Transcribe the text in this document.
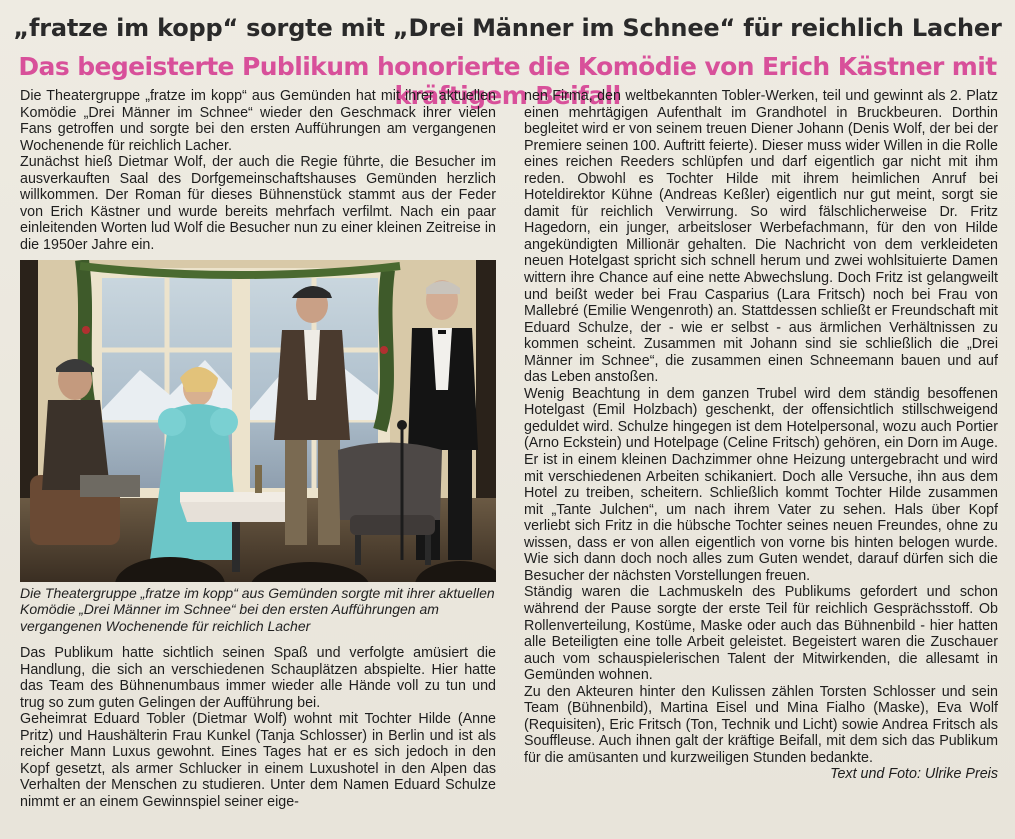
„fratze im kopp“ sorgte mit „Drei Männer im Schnee“ für reichlich Lacher
Das begeisterte Publikum honorierte die Komödie von Erich Kästner mit kräftigem Beifall

Die Theatergruppe „fratze im kopp“ aus Gemünden hat mit ihrer aktuellen Komödie „Drei Männer im Schnee“ wieder den Geschmack ihrer vielen Fans getroffen und sorgte bei den ersten Aufführungen am vergangenen Wochenende für reichlich Lacher.

Zunächst hieß Dietmar Wolf, der auch die Regie führte, die Besucher im ausverkauften Saal des Dorfgemeinschaftshauses Gemünden herzlich willkommen. Der Roman für dieses Bühnenstück stammt aus der Feder von Erich Kästner und wurde bereits mehrfach verfilmt. Nach ein paar einleitenden Worten lud Wolf die Besucher nun zu einer kleinen Zeitreise in die 1950er Jahre ein.

Die Theatergruppe „fratze im kopp“ aus Gemünden sorgte mit ihrer aktuellen Komödie „Drei Männer im Schnee“ bei den ersten Aufführungen am vergangenen Wochenende für reichlich Lacher

Das Publikum hatte sichtlich seinen Spaß und verfolgte amüsiert die Handlung, die sich an verschiedenen Schauplätzen abspielte. Hier hatte das Team des Bühnenumbaus immer wieder alle Hände voll zu tun und trug so zum guten Gelingen der Aufführung bei.

Geheimrat Eduard Tobler (Dietmar Wolf) wohnt mit Tochter Hilde (Anne Pritz) und Haushälterin Frau Kunkel (Tanja Schlosser) in Berlin und ist als reicher Mann Luxus gewohnt. Eines Tages hat er es sich jedoch in den Kopf gesetzt, als armer Schlucker in einem Luxushotel in den Alpen das Verhalten der Menschen zu studieren. Unter dem Namen Eduard Schulze nimmt er an einem Gewinnspiel seiner eige-

nen Firma, den weltbekannten Tobler-Werken, teil und gewinnt als 2. Platz einen mehrtägigen Aufenthalt im Grandhotel in Bruckbeuren. Dorthin begleitet wird er von seinem treuen Diener Johann (Denis Wolf, der bei der Premiere seinen 100. Auftritt feierte). Dieser muss wider Willen in die Rolle eines reichen Reeders schlüpfen und darf eigentlich gar nicht mit ihm reden. Obwohl es Tochter Hilde mit ihrem heimlichen Anruf bei Hoteldirektor Kühne (Andreas Keßler) eigentlich nur gut meint, sorgt sie damit für reichlich Verwirrung. So wird fälschlicherweise Dr. Fritz Hagedorn, ein junger, arbeitsloser Werbefachmann, für den von Hilde angekündigten Millionär gehalten. Die Nachricht von dem verkleideten neuen Hotelgast spricht sich schnell herum und zwei wohlsituierte Damen wittern ihre Chance auf eine nette Abwechslung. Doch Fritz ist gelangweilt und beißt weder bei Frau Casparius (Lara Fritsch) noch bei Frau von Mallebré (Emilie Wengenroth) an. Stattdessen schließt er Freundschaft mit Eduard Schulze, der - wie er selbst - aus ärmlichen Verhältnissen zu kommen scheint. Zusammen mit Johann sind sie schließlich die „Drei Männer im Schnee“, die zusammen einen Schneemann bauen und auf das Leben anstoßen.

Wenig Beachtung in dem ganzen Trubel wird dem ständig besoffenen Hotelgast (Emil Holzbach) geschenkt, der offensichtlich stillschweigend geduldet wird. Schulze hingegen ist dem Hotelpersonal, wozu auch Portier (Arno Eckstein) und Hotelpage (Celine Fritsch) gehören, ein Dorn im Auge. Er ist in einem kleinen Dachzimmer ohne Heizung untergebracht und wird mit verschiedenen Arbeiten schikaniert. Doch alle Versuche, ihn aus dem Hotel zu treiben, scheitern. Schließlich kommt Tochter Hilde zusammen mit „Tante Julchen“, um nach ihrem Vater zu sehen. Hals über Kopf verliebt sich Fritz in die hübsche Tochter seines neuen Freundes, ohne zu wissen, dass er von allen eigentlich von vorne bis hinten belogen wurde. Wie sich dann doch noch alles zum Guten wendet, darauf dürfen sich die Besucher der nächsten Vorstellungen freuen.

Ständig waren die Lachmuskeln des Publikums gefordert und schon während der Pause sorgte der erste Teil für reichlich Gesprächsstoff. Ob Rollenverteilung, Kostüme, Maske oder auch das Bühnenbild - hier hatten alle Beteiligten eine tolle Arbeit geleistet. Begeistert waren die Zuschauer auch vom schauspielerischen Talent der Mitwirkenden, die allesamt in Gemünden wohnen.

Zu den Akteuren hinter den Kulissen zählen Torsten Schlosser und sein Team (Bühnenbild), Martina Eisel und Mina Fialho (Maske), Eva Wolf (Requisiten), Eric Fritsch (Ton, Technik und Licht) sowie Andrea Fritsch als Souffleuse. Auch ihnen galt der kräftige Beifall, mit dem sich das Publikum für die amüsanten und kurzweiligen Stunden bedankte.

Text und Foto: Ulrike Preis
